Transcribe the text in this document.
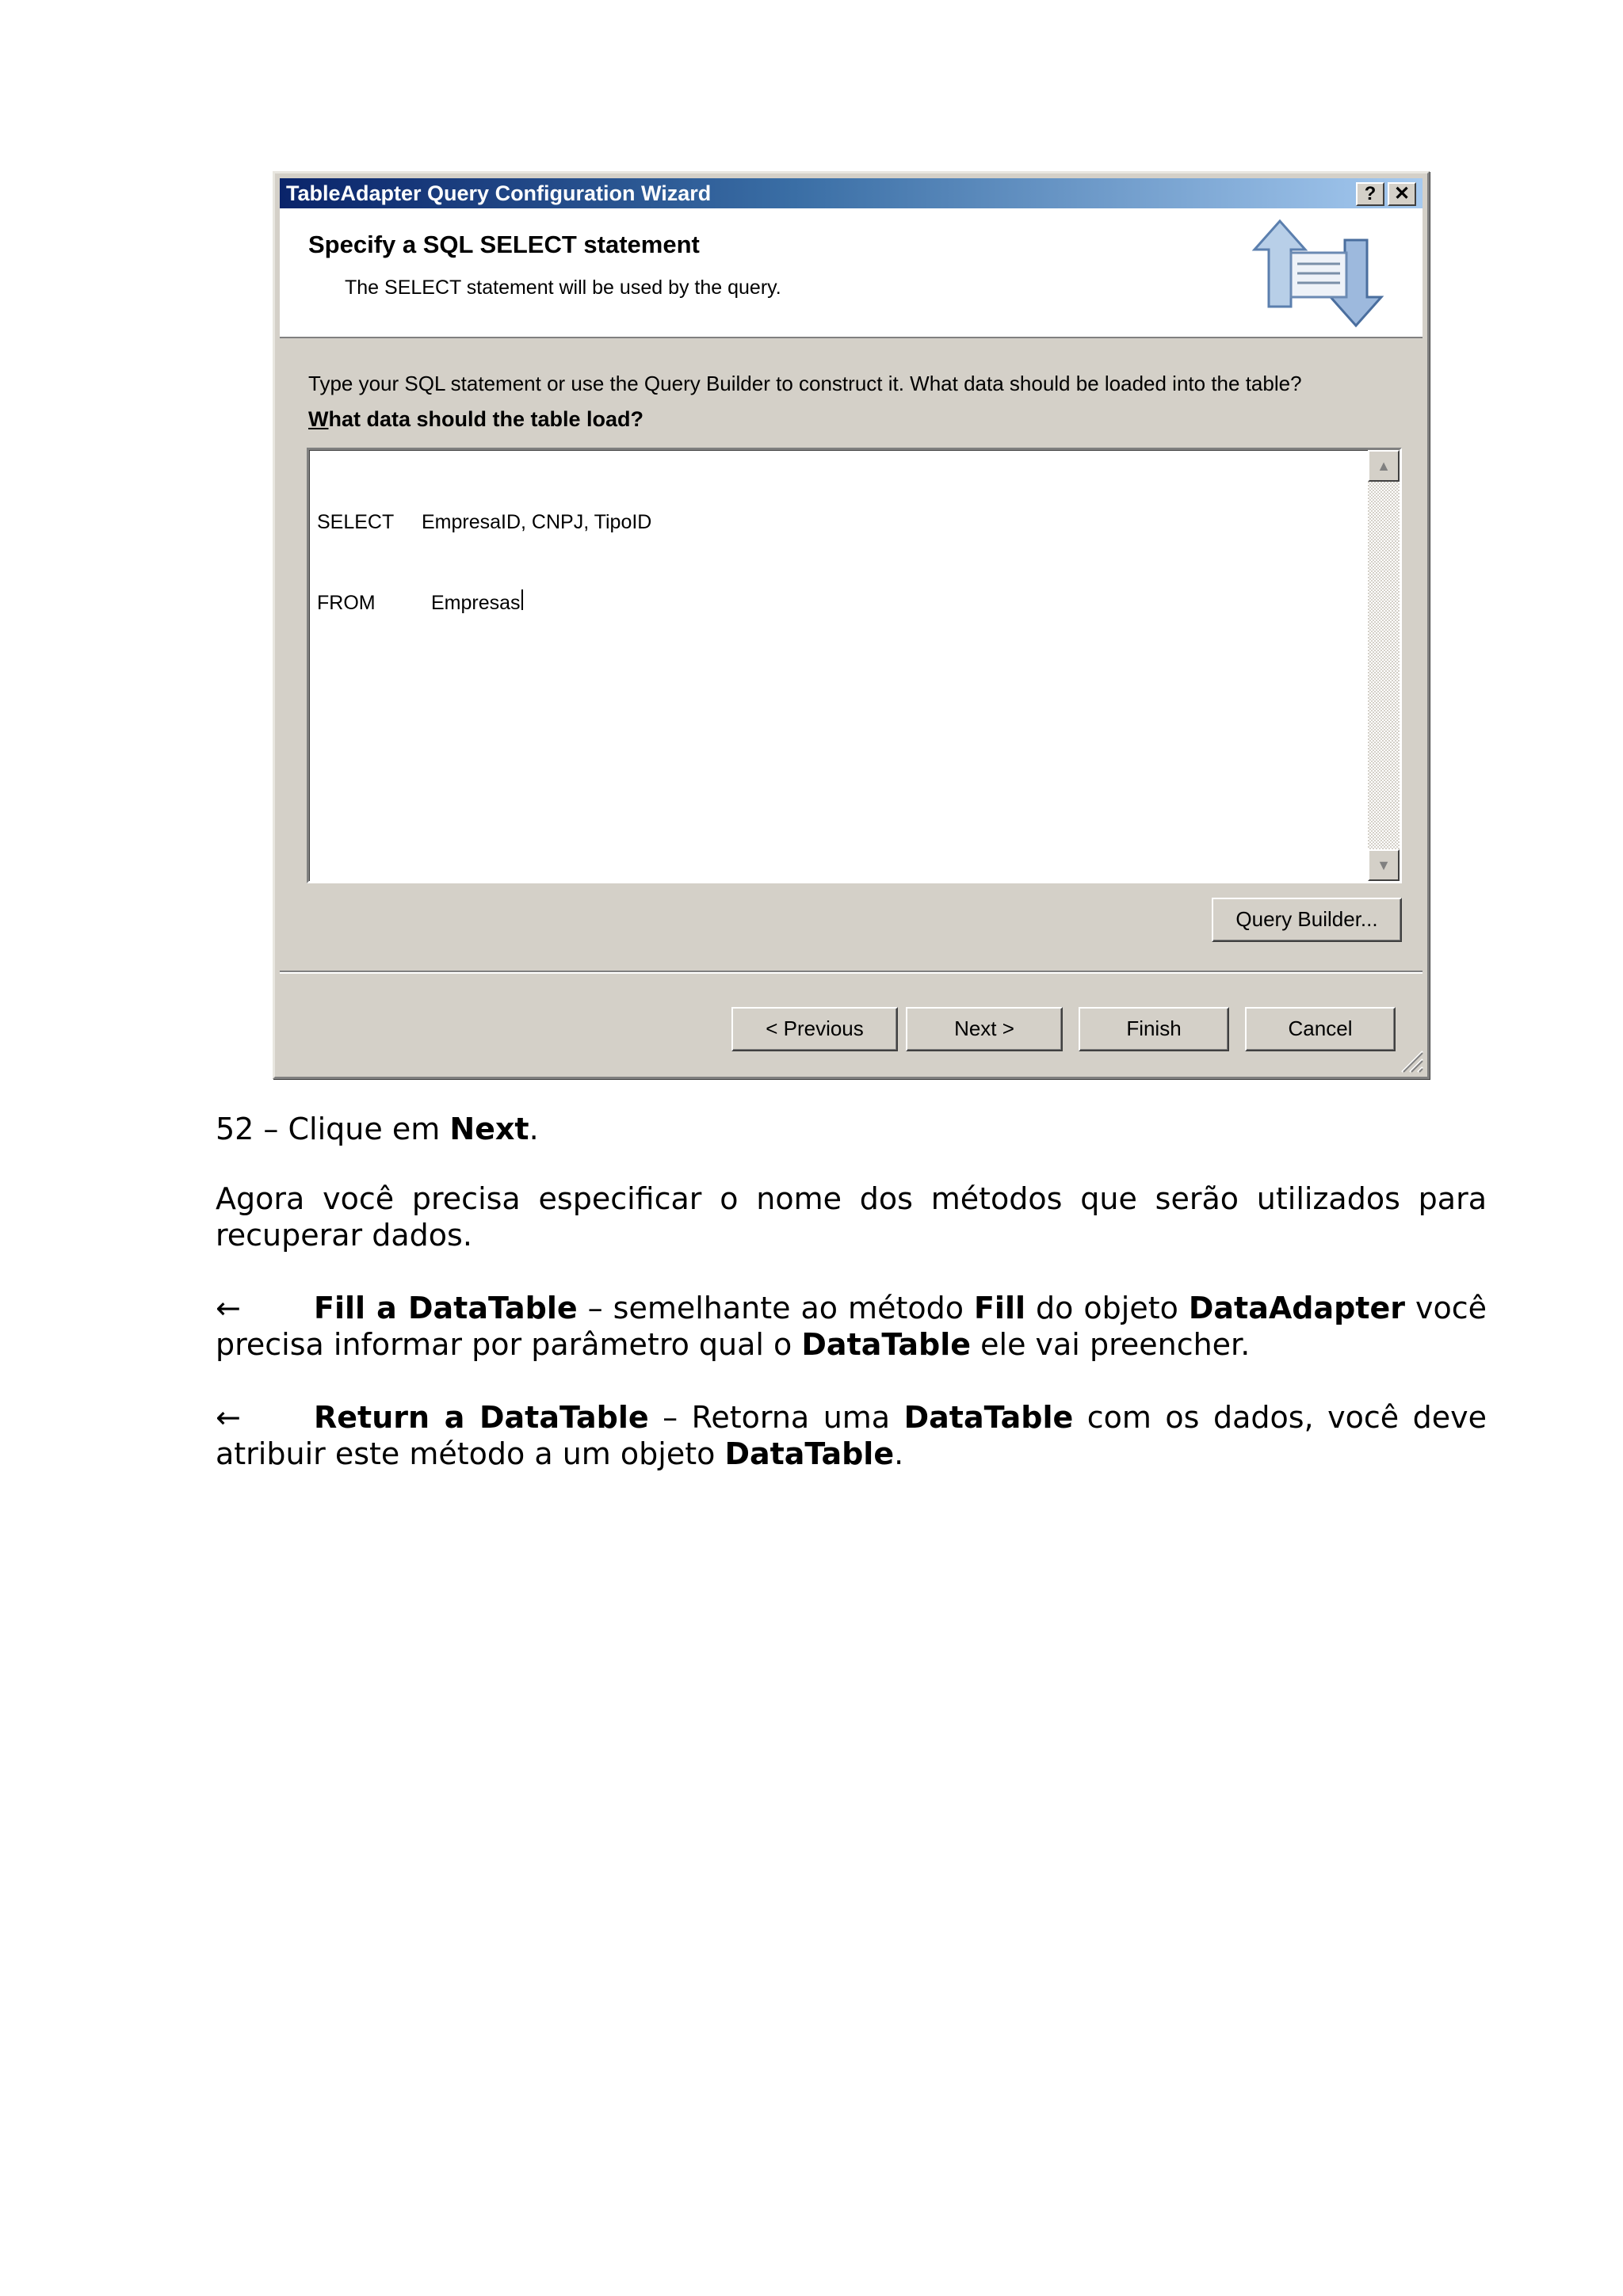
TableAdapter Query Configuration Wizard	? ✕
Specify a SQL SELECT statement
The SELECT statement will be used by the query.
Type your SQL statement or use the Query Builder to construct it. What data should be loaded into the table?
What data should the table load?

SELECT	EmpresaID, CNPJ, TipoID

FROM	Empresas

▲
▼
Query Builder...
< Previous	Next >	Finish	Cancel
52 – Clique em Next.
Agora você precisa especificar o nome dos métodos que serão utilizados para recuperar dados.
← Fill a DataTable – semelhante ao método Fill do objeto DataAdapter você precisa informar por parâmetro qual o DataTable ele vai preencher.
← Return a DataTable – Retorna uma DataTable com os dados, você deve atribuir este método a um objeto DataTable.
